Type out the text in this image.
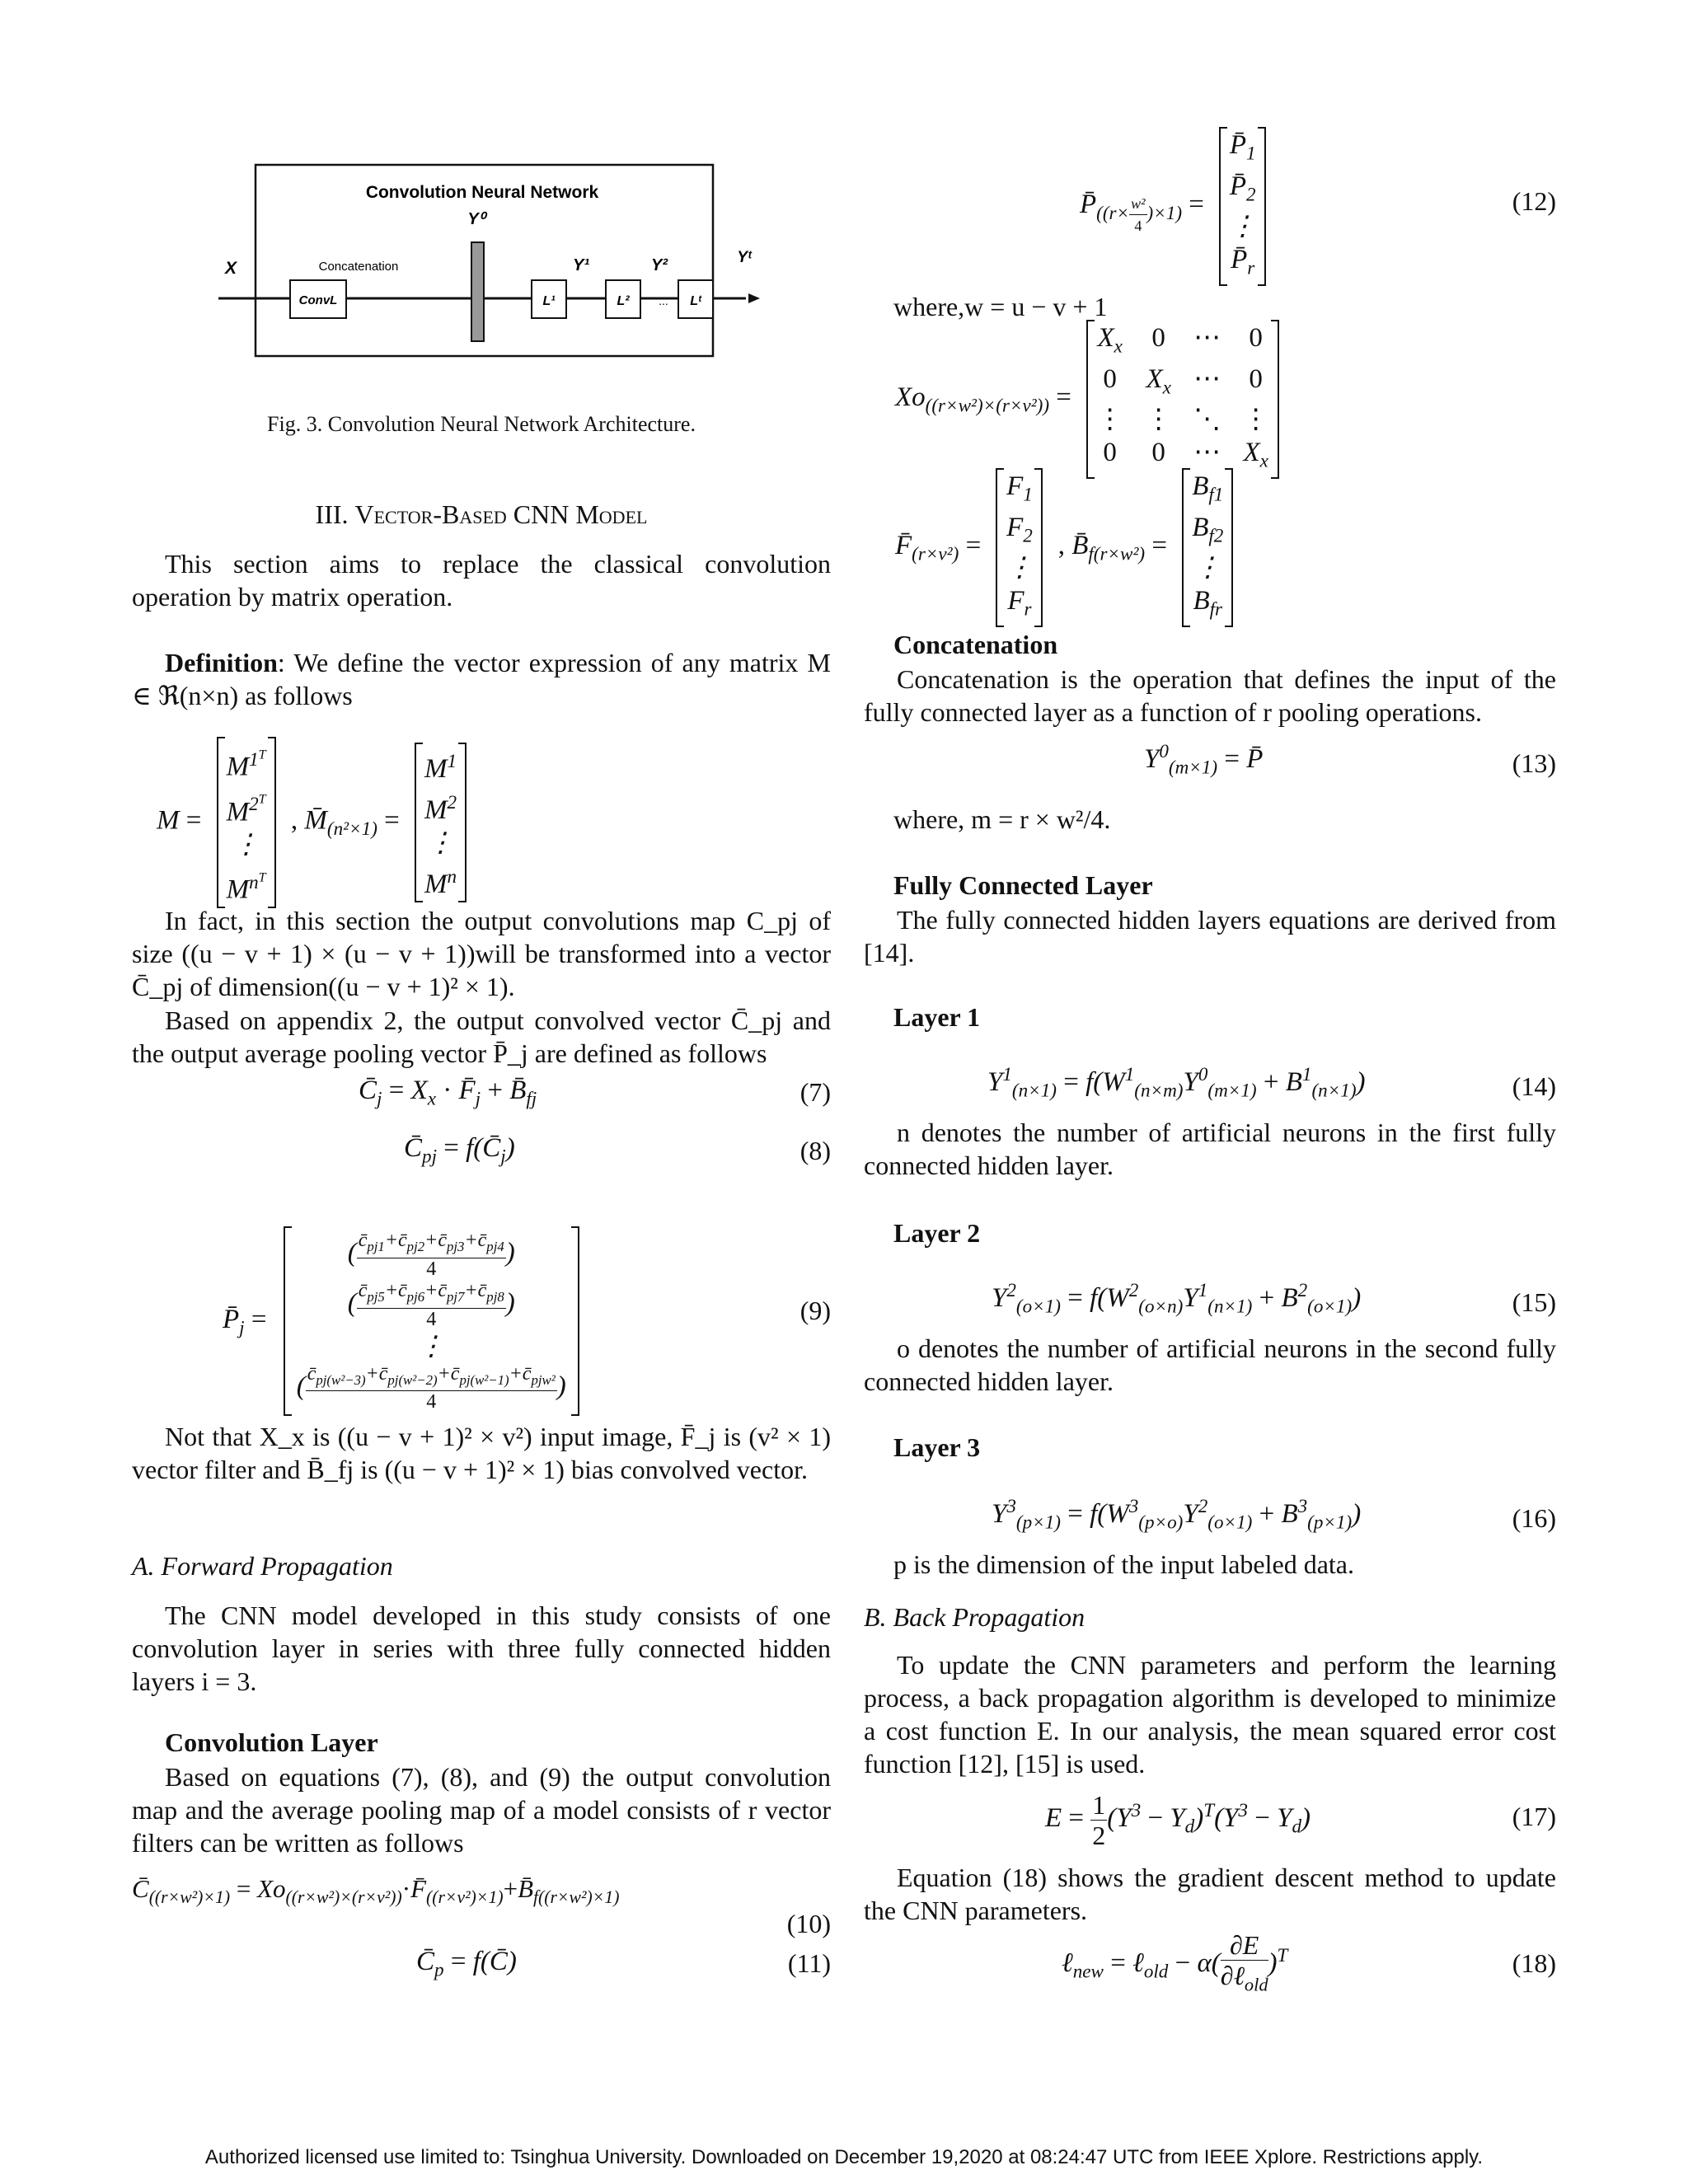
Convolution Neural Network
Y⁰
X	Concatenation	Y¹	Y²	Yᵗ
ConvL	L¹	L²	... Lᵗ
Fig. 3. Convolution Neural Network Architecture.
III. Vector-Based CNN Model
This section aims to replace the classical convolution operation by matrix operation.
Definition: We define the vector expression of any matrix M ∈ ℜ(n×n) as follows
M =
$M^{1^T}$
$M^{2^T}$
⋮
$M^{n^T}$
, $M̄_{(n^2\times 1)}$ =
$M^1$
$M^2$
⋮
$M^n$
In fact, in this section the output convolutions map C_pj of size ((u − v + 1) × (u − v + 1))will be transformed into a vector C̄_pj of dimension((u − v + 1)² × 1).
Based on appendix 2, the output convolved vector C̄_pj and the output average pooling vector P̄_j are defined as follows
$C̄_j = X_x$ · $F̄_j$ + $B̄_{fj}$	(7)
$C̄_{pj}$ = $f(C̄_j)$	(8)
$P̄_j$ =
( $\frac{c̄_{pj1}+c̄_{pj2}+c̄_{pj3}+c̄_{pj4}}{4}$ )
( $\frac{c̄_{pj5}+c̄_{pj6}+c̄_{pj7}+c̄_{pj8}}{4}$ )
⋮
( $\frac{c̄_{pj(w^2-3)}+c̄_{pj(w^2-2)}+c̄_{pj(w^2-1)}+c̄_{pjw^2}}{4}$ )
(9)
Not that X_x is ((u − v + 1)² × v²) input image, F̄_j is (v² × 1) vector filter and B̄_fj is ((u − v + 1)² × 1) bias convolved vector.
A. Forward Propagation
The CNN model developed in this study consists of one convolution layer in series with three fully connected hidden layers i = 3.
Convolution Layer
Based on equations (7), (8), and (9) the output convolution map and the average pooling map of a model consists of r vector filters can be written as follows
$C̄_{((r\times w^2)\times 1)}$ = $Xo_{((r\times w^2)\times(r\times v^2))}\cdot F̄_{((r\times v^2)\times 1)}+B̄_{f((r\times w^2)\times 1)}$
(10)
$C̄_p$ = f(C̄)	(11)
$P̄_{((r\times \frac{\text{w²}}{4} )\times 1)}$ =
$P̄_1$
$P̄_2$
⋮
$P̄_r$
(12)
where,w = u − v + 1
$Xo_{((r\times w^2)\times(r\times v^2))}$ =
$X_x$ 0 ⋯ 0
0 $X_x$ ⋯ 0
⋮ ⋮ ⋱ ⋮
0 0 ⋯ $X_x$
$F̄_{(r\times v^2)}$ =
$F_1$
$F_2$
⋮
$F_r$
, $B̄_{f(r\times w^2)}$ =
$B_{f1}$
$B_{f2}$
⋮
$B_{fr}$
Concatenation
Concatenation is the operation that defines the input of the fully connected layer as a function of r pooling operations.
$Y^0_{(m\times 1)}$ = P̄	(13)
where, m = r × w²/4.
Fully Connected Layer
The fully connected hidden layers equations are derived from [14].
Layer 1
$Y^1_{(n\times 1)} = f(W^1_{(n\times m)}Y^0_{(m\times 1)} + B^1_{(n\times 1)})$	(14)
n denotes the number of artificial neurons in the first fully connected hidden layer.
Layer 2
$Y^2_{(o\times 1)} = f(W^2_{(o\times n)}Y^1_{(n\times 1)} + B^2_{(o\times 1)})$	(15)
o denotes the number of artificial neurons in the second fully connected hidden layer.
Layer 3
$Y^3_{(p\times 1)} = f(W^3_{(p\times o)}Y^2_{(o\times 1)} + B^3_{(p\times 1)})$	(16)
p is the dimension of the input labeled data.
B. Back Propagation
To update the CNN parameters and perform the learning process, a back propagation algorithm is developed to minimize a cost function E. In our analysis, the mean squared error cost function [12], [15] is used.
$E = \frac{1}{2} (Y^3 - Y_d)^T(Y^3 - Y_d)$	(17)
Equation (18) shows the gradient descent method to update the CNN parameters.
ℓ$_{new}$ = ℓ$_{old}$ − $\alpha( \frac{\partial E}{\partial\ell_{old}} )^T$	(18)
Authorized licensed use limited to: Tsinghua University. Downloaded on December 19,2020 at 08:24:47 UTC from IEEE Xplore. Restrictions apply.
